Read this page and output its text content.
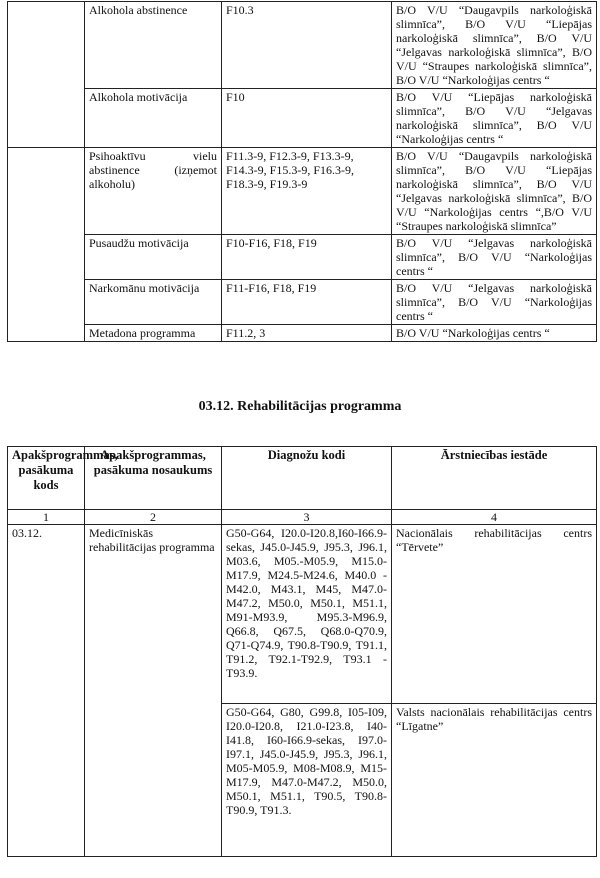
	Alkohola abstinence	F10.3	B/O V/U “Daugavpils narkoloģiskā slimnīca”, B/O V/U “Liepājas narkoloģiskā slimnīca”, B/O V/U “Jelgavas narkoloģiskā slimnīca”, B/O V/U “Straupes narkoloģiskā slimnīca”, B/O V/U “Narkoloģijas centrs “
	Alkohola motivācija	F10	B/O V/U “Liepājas narkoloģiskā slimnīca”, B/O V/U “Jelgavas narkoloģiskā slimnīca”, B/O V/U “Narkoloģijas centrs “
	Psihoaktīvu vielu abstinence (izņemot alkoholu)	F11.3-9, F12.3-9, F13.3-9, F14.3-9, F15.3-9, F16.3-9, F18.3-9, F19.3-9	B/O V/U “Daugavpils narkoloģiskā slimnīca”, B/O V/U “Liepājas narkoloģiskā slimnīca”, B/O V/U “Jelgavas narkoloģiskā slimnīca”, B/O V/U “Narkoloģijas centrs “,B/O V/U “Straupes narkoloģiskā slimnīca”
	Pusaudžu motivācija	F10-F16, F18, F19	B/O V/U “Jelgavas narkoloģiskā slimnīca”, B/O V/U “Narkoloģijas centrs “
	Narkomānu motivācija	F11-F16, F18, F19	B/O V/U “Jelgavas narkoloģiskā slimnīca”, B/O V/U “Narkoloģijas centrs “
	Metadona programma	F11.2, 3	B/O V/U “Narkoloģijas centrs “
03.12. Rehabilitācijas programma
Apakšprogrammas, pasākuma kods	Apakšprogrammas, pasākuma nosaukums	Diagnožu kodi	Ārstniecības iestāde
1	2	3	4
03.12.	Medicīniskās rehabilitācijas programma	G50-G64, I20.0-I20.8,I60-I66.9-sekas, J45.0-J45.9, J95.3, J96.1, M03.6, M05.-M05.9, M15.0-M17.9, M24.5-M24.6, M40.0 - M42.0, M43.1, M45, M47.0-M47.2, M50.0, M50.1, M51.1, M91-M93.9, M95.3-M96.9, Q66.8, Q67.5, Q68.0-Q70.9, Q71-Q74.9, T90.8-T90.9, T91.1, T91.2, T92.1-T92.9, T93.1 - T93.9.	Nacionālais rehabilitācijas centrs “Tērvete”
		G50-G64, G80, G99.8, I05-I09, I20.0-I20.8, I21.0-I23.8, I40-I41.8, I60-I66.9-sekas, I97.0-I97.1, J45.0-J45.9, J95.3, J96.1, M05-M05.9, M08-M08.9, M15-M17.9, M47.0-M47.2, M50.0, M50.1, M51.1, T90.5, T90.8-T90.9, T91.3.	Valsts nacionālais rehabilitācijas centrs “Līgatne”
